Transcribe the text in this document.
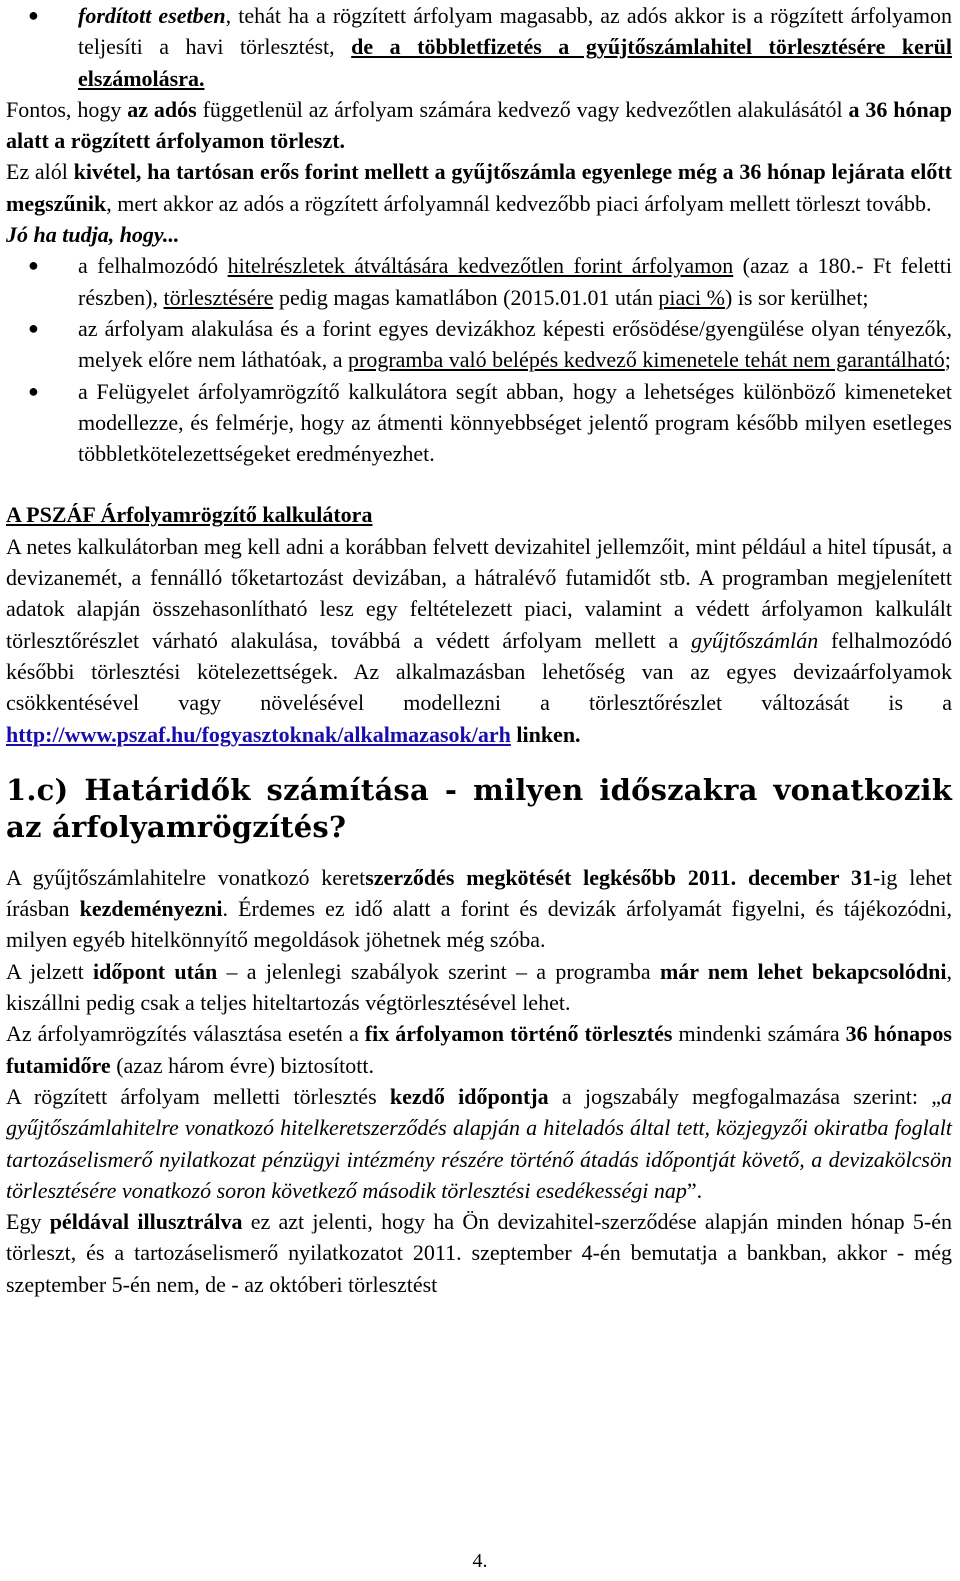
● fordított esetben, tehát ha a rögzített árfolyam magasabb, az adós akkor is a rögzített árfolyamon teljesíti a havi törlesztést, de a többletfizetés a gyűjtőszámlahitel törlesztésére kerül elszámolásra.

Fontos, hogy az adós függetlenül az árfolyam számára kedvező vagy kedvezőtlen alakulásától a 36 hónap alatt a rögzített árfolyamon törleszt.

Ez alól kivétel, ha tartósan erős forint mellett a gyűjtőszámla egyenlege még a 36 hónap lejárata előtt megszűnik, mert akkor az adós a rögzített árfolyamnál kedvezőbb piaci árfolyam mellett törleszt tovább.

Jó ha tudja, hogy...

● a felhalmozódó hitelrészletek átváltására kedvezőtlen forint árfolyamon (azaz a 180.- Ft feletti részben), törlesztésére pedig magas kamatlábon (2015.01.01 után piaci %) is sor kerülhet;
● az árfolyam alakulása és a forint egyes devizákhoz képesti erősödése/gyengülése olyan tényezők, melyek előre nem láthatóak, a programba való belépés kedvező kimenetele tehát nem garantálható;
● a Felügyelet árfolyamrögzítő kalkulátora segít abban, hogy a lehetséges különböző kimeneteket modellezze, és felmérje, hogy az átmenti könnyebbséget jelentő program később milyen esetleges többletkötelezettségeket eredményezhet.

A PSZÁF Árfolyamrögzítő kalkulátora

A netes kalkulátorban meg kell adni a korábban felvett devizahitel jellemzőit, mint például a hitel típusát, a devizanemét, a fennálló tőketartozást devizában, a hátralévő futamidőt stb. A programban megjelenített adatok alapján összehasonlítható lesz egy feltételezett piaci, valamint a védett árfolyamon kalkulált törlesztőrészlet várható alakulása, továbbá a védett árfolyam mellett a gyűjtőszámlán felhalmozódó későbbi törlesztési kötelezettségek. Az alkalmazásban lehetőség van az egyes devizaárfolyamok csökkentésével vagy növelésével modellezni a törlesztőrészlet változását is a http://www.pszaf.hu/fogyasztoknak/alkalmazasok/arh linken.

1.c) Határidők számítása - milyen időszakra vonatkozik az árfolyamrögzítés?

A gyűjtőszámlahitelre vonatkozó keretszerződés megkötését legkésőbb 2011. december 31-ig lehet írásban kezdeményezni. Érdemes ez idő alatt a forint és devizák árfolyamát figyelni, és tájékozódni, milyen egyéb hitelkönnyítő megoldások jöhetnek még szóba.

A jelzett időpont után – a jelenlegi szabályok szerint – a programba már nem lehet bekapcsolódni, kiszállni pedig csak a teljes hiteltartozás végtörlesztésével lehet.

Az árfolyamrögzítés választása esetén a fix árfolyamon történő törlesztés mindenki számára 36 hónapos futamidőre (azaz három évre) biztosított.

A rögzített árfolyam melletti törlesztés kezdő időpontja a jogszabály megfogalmazása szerint: „a gyűjtőszámlahitelre vonatkozó hitelkeretszerződés alapján a hiteladós által tett, közjegyzői okiratba foglalt tartozáselismerő nyilatkozat pénzügyi intézmény részére történő átadás időpontját követő, a devizakölcsön törlesztésére vonatkozó soron következő második törlesztési esedékességi nap”.

Egy példával illusztrálva ez azt jelenti, hogy ha Ön devizahitel-szerződése alapján minden hónap 5-én törleszt, és a tartozáselismerő nyilatkozatot 2011. szeptember 4-én bemutatja a bankban, akkor - még szeptember 5-én nem, de - az októberi törlesztést

4.
